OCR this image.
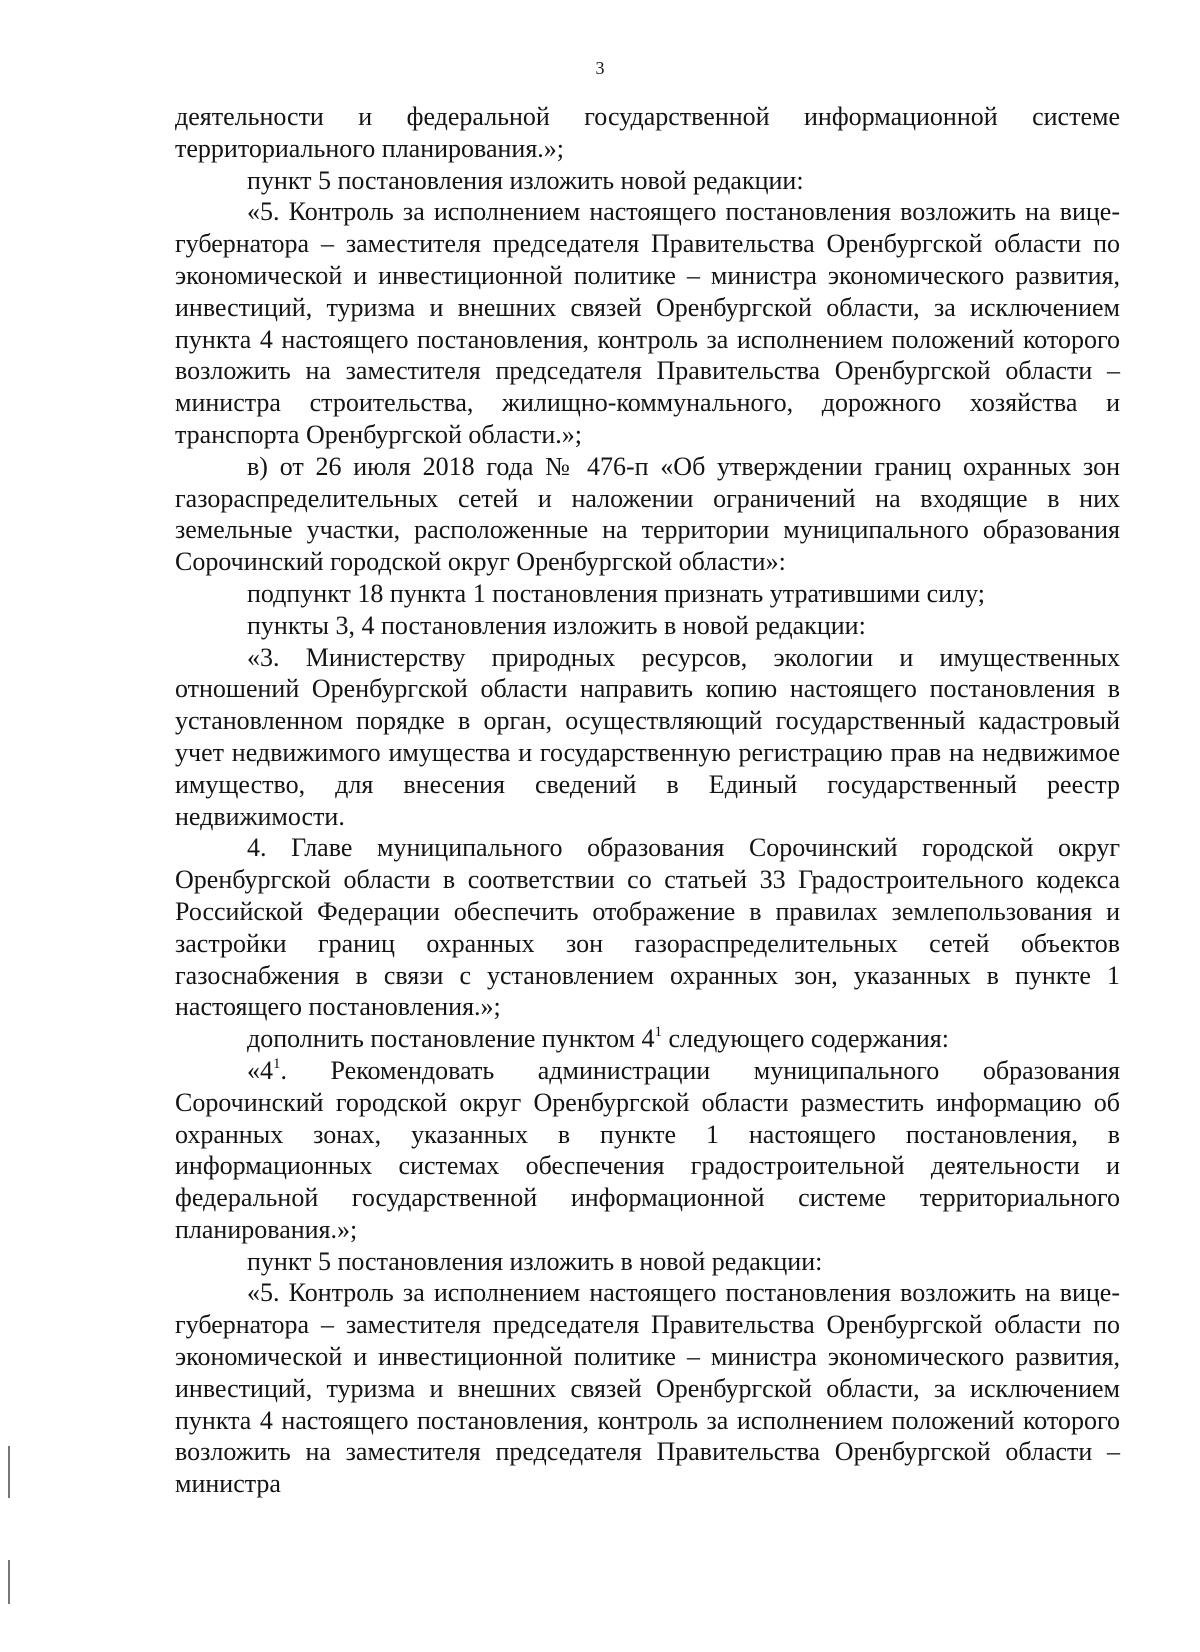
3

деятельности и федеральной государственной информационной системе территориального планирования.»;

пункт 5 постановления изложить новой редакции:

«5. Контроль за исполнением настоящего постановления возложить на вице-губернатора – заместителя председателя Правительства Оренбургской области по экономической и инвестиционной политике – министра экономического развития, инвестиций, туризма и внешних связей Оренбургской области, за исключением пункта 4 настоящего постановления, контроль за исполнением положений которого возложить на заместителя председателя Правительства Оренбургской области – министра строительства, жилищно-коммунального, дорожного хозяйства и транспорта Оренбургской области.»;

в) от 26 июля 2018 года № 476-п «Об утверждении границ охранных зон газораспределительных сетей и наложении ограничений на входящие в них земельные участки, расположенные на территории муниципального образования Сорочинский городской округ Оренбургской области»:

подпункт 18 пункта 1 постановления признать утратившими силу;

пункты 3, 4 постановления изложить в новой редакции:

«3. Министерству природных ресурсов, экологии и имущественных отношений Оренбургской области направить копию настоящего постановления в установленном порядке в орган, осуществляющий государственный кадастровый учет недвижимого имущества и государственную регистрацию прав на недвижимое имущество, для внесения сведений в Единый государственный реестр недвижимости.

4. Главе муниципального образования Сорочинский городской округ Оренбургской области в соответствии со статьей 33 Градостроительного кодекса Российской Федерации обеспечить отображение в правилах землепользования и застройки границ охранных зон газораспределительных сетей объектов газоснабжения в связи с установлением охранных зон, указанных в пункте 1 настоящего постановления.»;

дополнить постановление пунктом $4^1$ следующего содержания:

«$4^1$. Рекомендовать администрации муниципального образования Сорочинский городской округ Оренбургской области разместить информацию об охранных зонах, указанных в пункте 1 настоящего постановления, в информационных системах обеспечения градостроительной деятельности и федеральной государственной информационной системе территориального планирования.»;

пункт 5 постановления изложить в новой редакции:

«5. Контроль за исполнением настоящего постановления возложить на вице-губернатора – заместителя председателя Правительства Оренбургской области по экономической и инвестиционной политике – министра экономического развития, инвестиций, туризма и внешних связей Оренбургской области, за исключением пункта 4 настоящего постановления, контроль за исполнением положений которого возложить на заместителя председателя Правительства Оренбургской области – министра
